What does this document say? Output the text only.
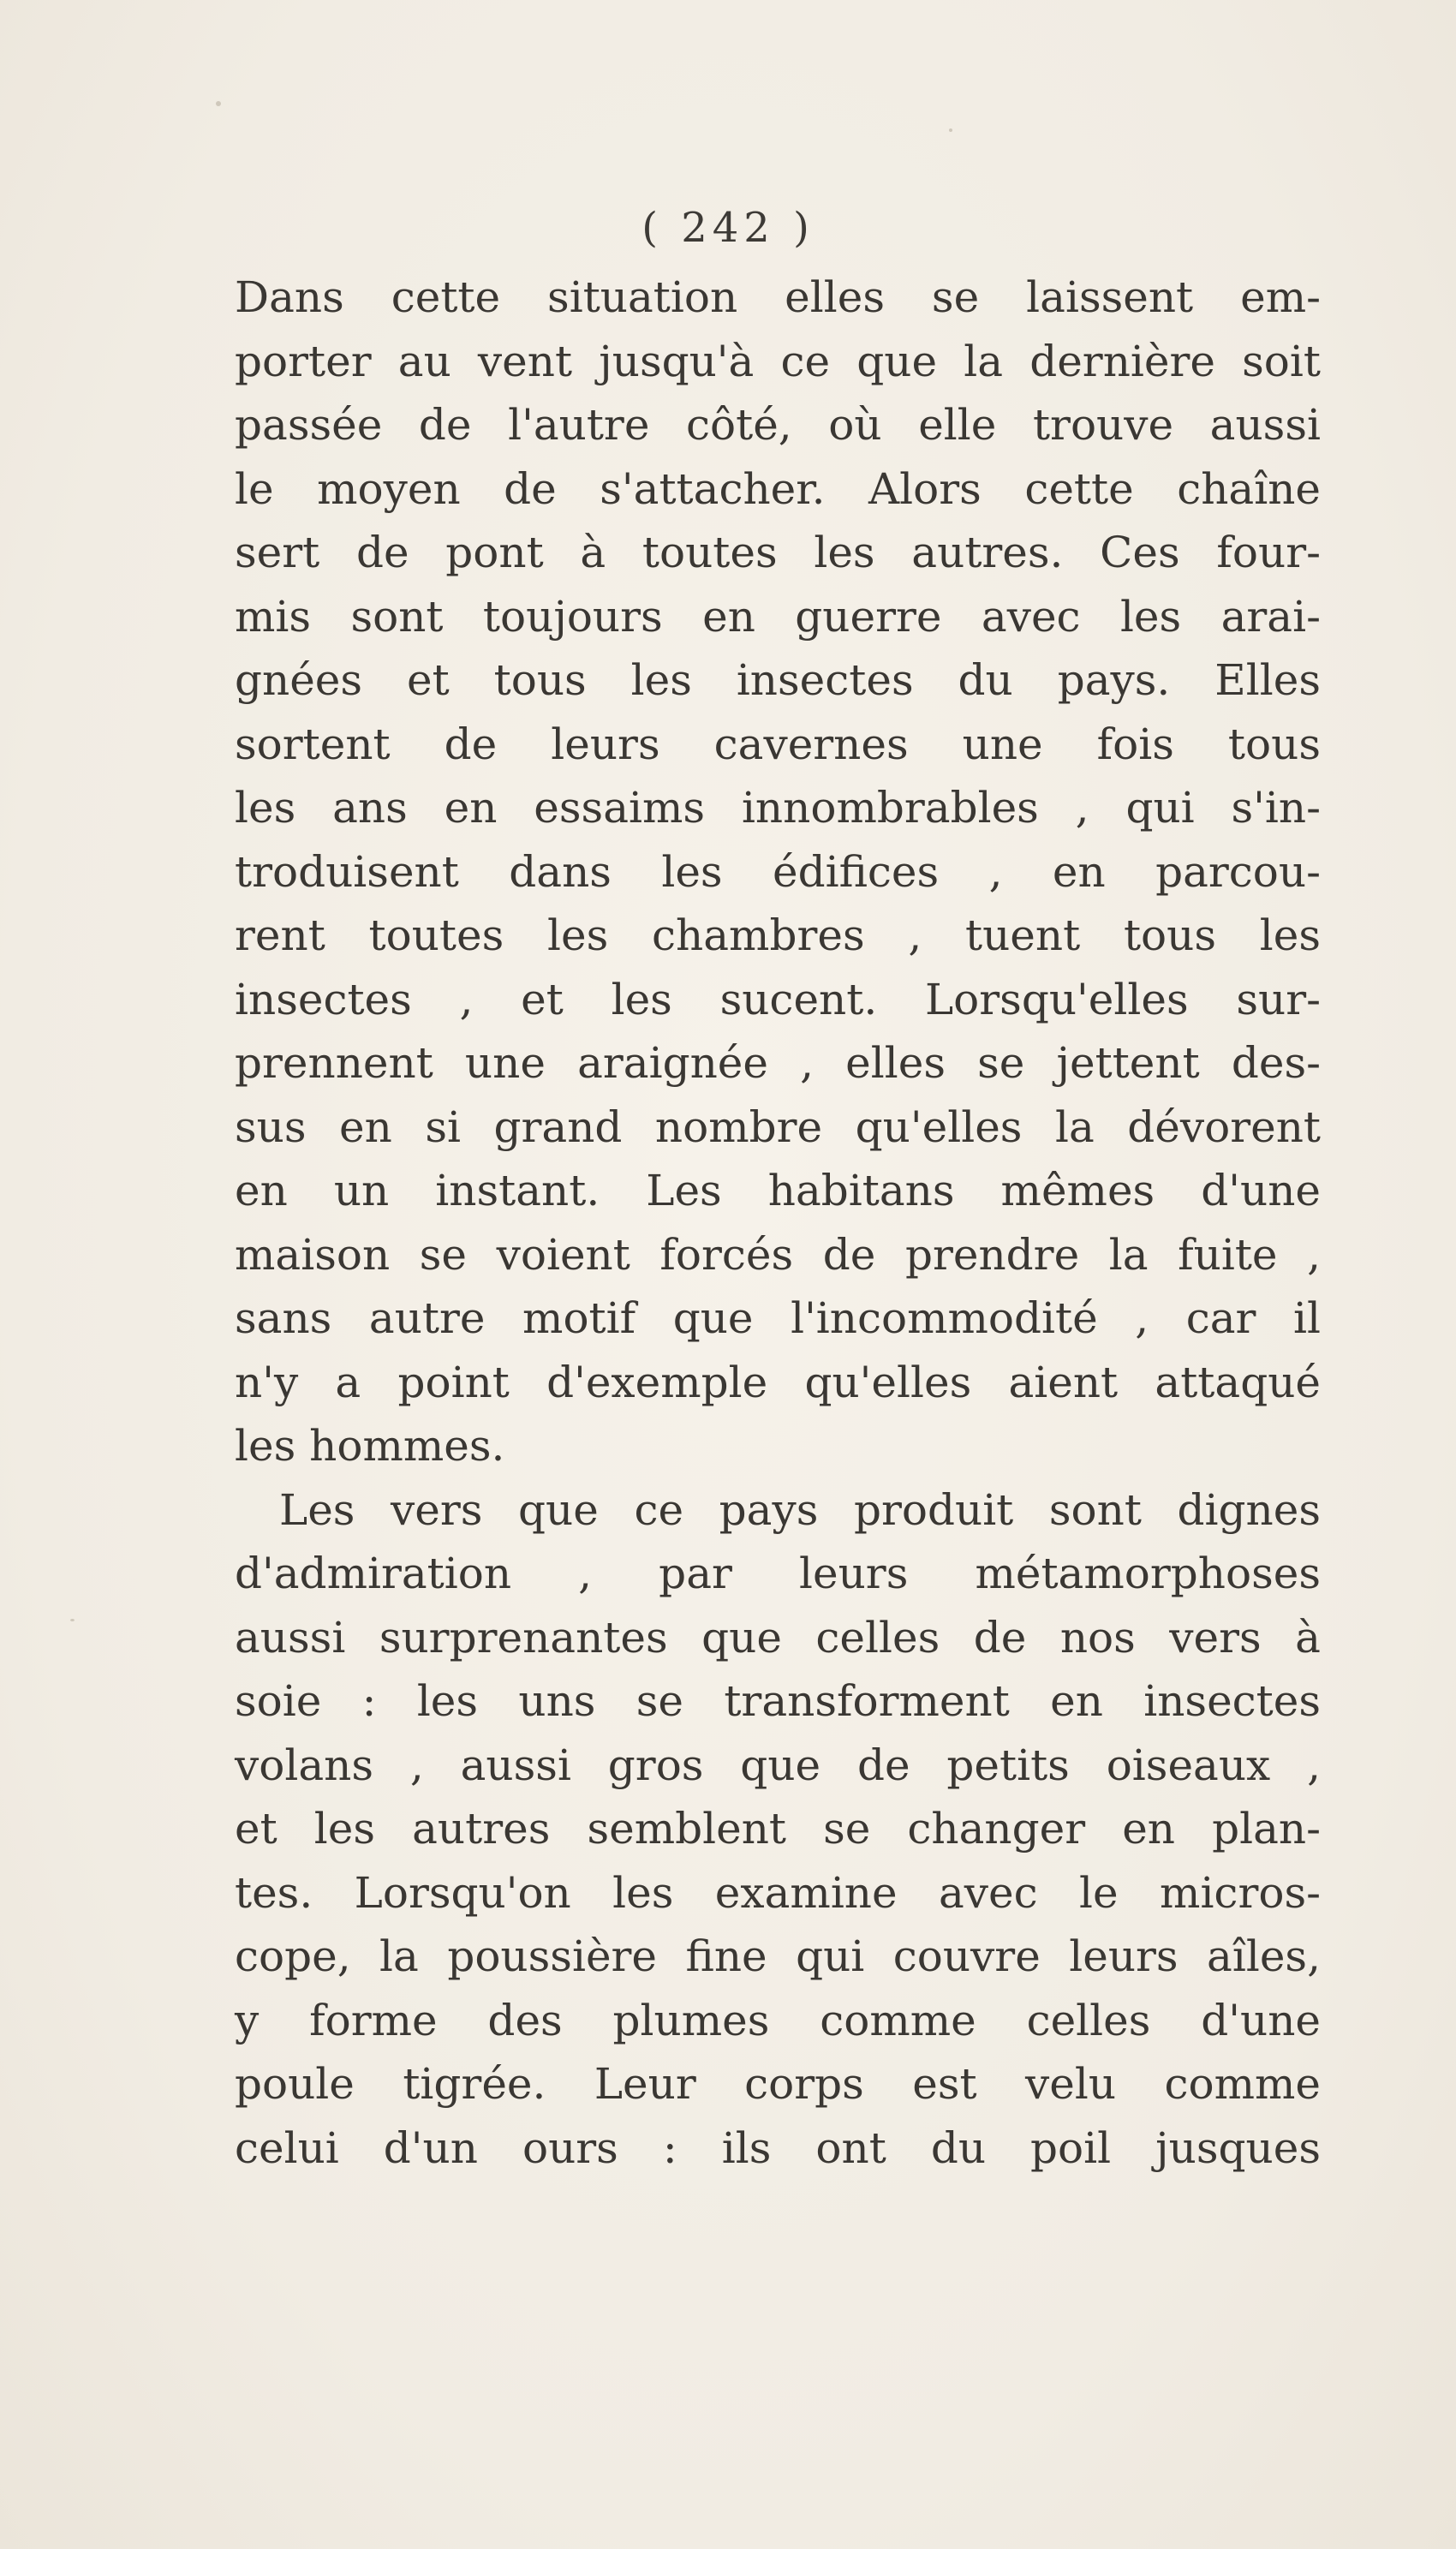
( 242 )
Dans cette situation elles se laissent em-
porter au vent jusqu'à ce que la dernière soit
passée de l'autre côté, où elle trouve aussi
le moyen de s'attacher. Alors cette chaîne
sert de pont à toutes les autres. Ces four-
mis sont toujours en guerre avec les arai-
gnées et tous les insectes du pays. Elles
sortent de leurs cavernes une fois tous
les ans en essaims innombrables , qui s'in-
troduisent dans les édifices , en parcou-
rent toutes les chambres , tuent tous les
insectes , et les sucent. Lorsqu'elles sur-
prennent une araignée , elles se jettent des-
sus en si grand nombre qu'elles la dévorent
en un instant. Les habitans mêmes d'une
maison se voient forcés de prendre la fuite ,
sans autre motif que l'incommodité , car il
n'y a point d'exemple qu'elles aient attaqué
les hommes.
Les vers que ce pays produit sont dignes
d'admiration , par leurs métamorphoses
aussi surprenantes que celles de nos vers à
soie : les uns se transforment en insectes
volans , aussi gros que de petits oiseaux ,
et les autres semblent se changer en plan-
tes. Lorsqu'on les examine avec le micros-
cope, la poussière fine qui couvre leurs aîles,
y forme des plumes comme celles d'une
poule tigrée. Leur corps est velu comme
celui d'un ours : ils ont du poil jusques
